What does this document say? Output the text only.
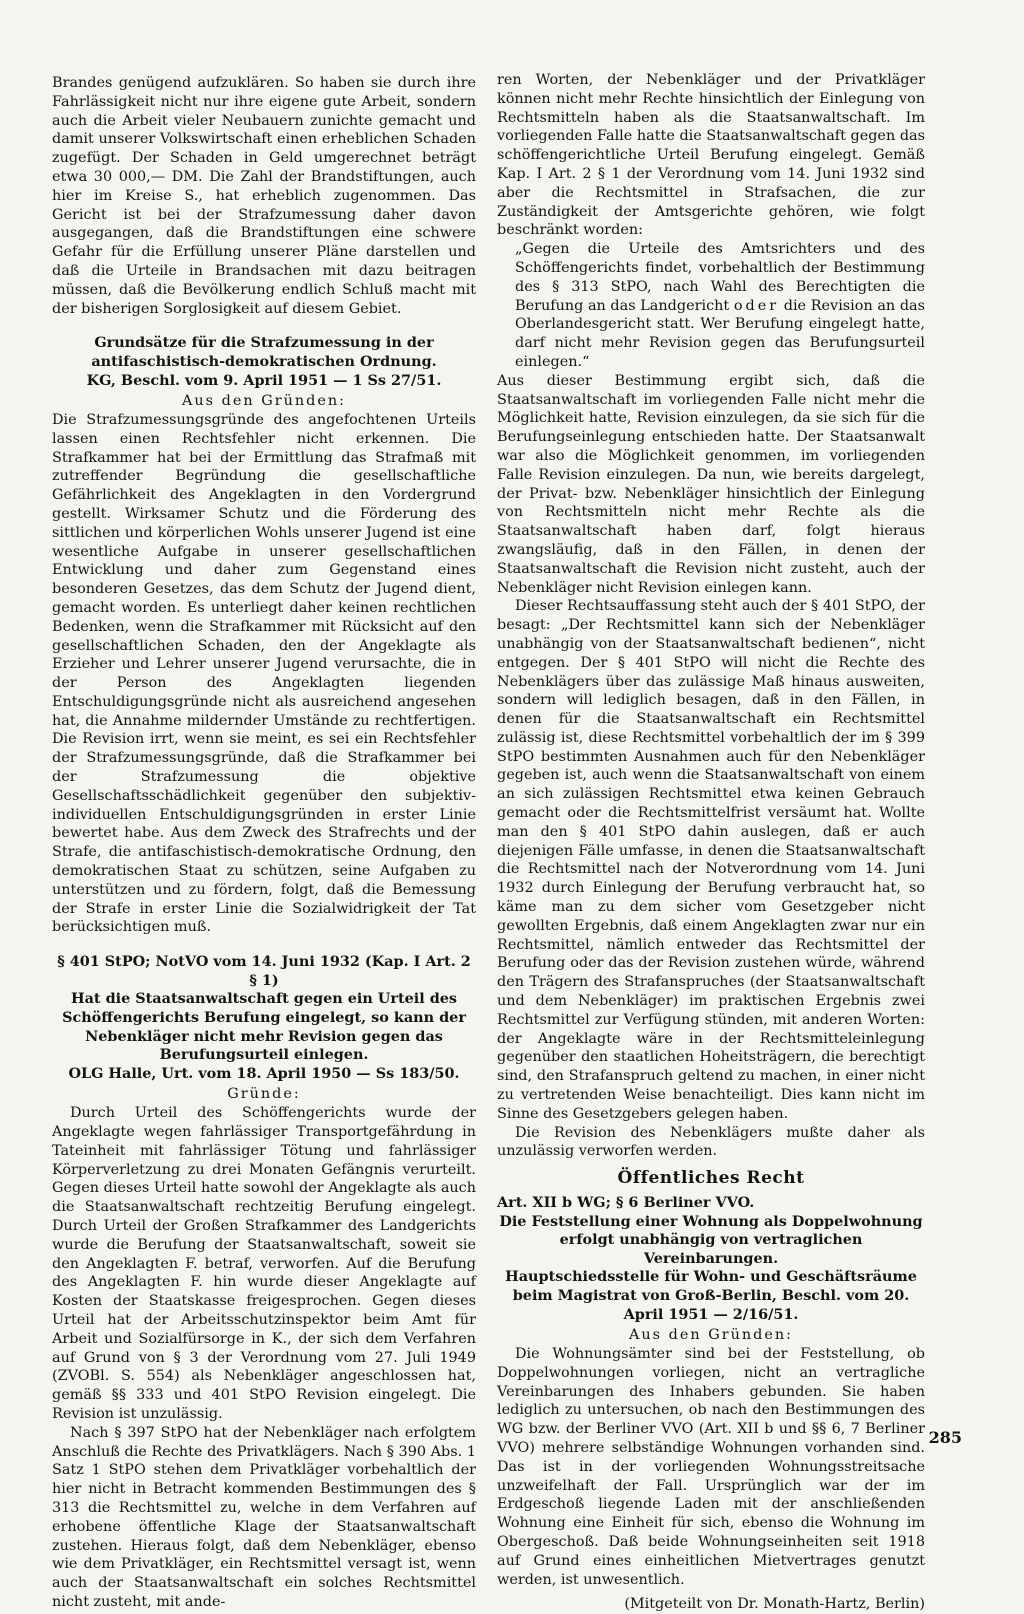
Brandes genügend aufzuklären. So haben sie durch ihre Fahrlässigkeit nicht nur ihre eigene gute Arbeit, sondern auch die Arbeit vieler Neubauern zunichte gemacht und damit unserer Volkswirtschaft einen erheblichen Schaden zugefügt. Der Schaden in Geld umgerechnet beträgt etwa 30 000,— DM. Die Zahl der Brandstiftungen, auch hier im Kreise S., hat erheblich zugenommen. Das Gericht ist bei der Strafzumessung daher davon ausgegangen, daß die Brandstiftungen eine schwere Gefahr für die Erfüllung unserer Pläne darstellen und daß die Urteile in Brandsachen mit dazu beitragen müssen, daß die Bevölkerung endlich Schluß macht mit der bisherigen Sorglosigkeit auf diesem Gebiet.

Grundsätze für die Strafzumessung in der antifaschistisch-demokratischen Ordnung.

KG, Beschl. vom 9. April 1951 — 1 Ss 27/51.

Aus den Gründen:

Die Strafzumessungsgründe des angefochtenen Urteils lassen einen Rechtsfehler nicht erkennen. Die Strafkammer hat bei der Ermittlung das Strafmaß mit zutreffender Begründung die gesellschaftliche Gefährlichkeit des Angeklagten in den Vordergrund gestellt. Wirksamer Schutz und die Förderung des sittlichen und körperlichen Wohls unserer Jugend ist eine wesentliche Aufgabe in unserer gesellschaftlichen Entwicklung und daher zum Gegenstand eines besonderen Gesetzes, das dem Schutz der Jugend dient, gemacht worden. Es unterliegt daher keinen rechtlichen Bedenken, wenn die Strafkammer mit Rücksicht auf den gesellschaftlichen Schaden, den der Angeklagte als Erzieher und Lehrer unserer Jugend verursachte, die in der Person des Angeklagten liegenden Entschuldigungsgründe nicht als ausreichend angesehen hat, die Annahme mildernder Umstände zu rechtfertigen. Die Revision irrt, wenn sie meint, es sei ein Rechtsfehler der Strafzumessungsgründe, daß die Strafkammer bei der Strafzumessung die objektive Gesellschaftsschädlichkeit gegenüber den subjektiv-individuellen Entschuldigungsgründen in erster Linie bewertet habe. Aus dem Zweck des Strafrechts und der Strafe, die antifaschistisch-demokratische Ordnung, den demokratischen Staat zu schützen, seine Aufgaben zu unterstützen und zu fördern, folgt, daß die Bemessung der Strafe in erster Linie die Sozialwidrigkeit der Tat berücksichtigen muß.

§ 401 StPO; NotVO vom 14. Juni 1932 (Kap. I Art. 2 § 1)

Hat die Staatsanwaltschaft gegen ein Urteil des Schöffengerichts Berufung eingelegt, so kann der Nebenkläger nicht mehr Revision gegen das Berufungsurteil einlegen.

OLG Halle, Urt. vom 18. April 1950 — Ss 183/50.

Gründe:

Durch Urteil des Schöffengerichts wurde der Angeklagte wegen fahrlässiger Transportgefährdung in Tateinheit mit fahrlässiger Tötung und fahrlässiger Körperverletzung zu drei Monaten Gefängnis verurteilt. Gegen dieses Urteil hatte sowohl der Angeklagte als auch die Staatsanwaltschaft rechtzeitig Berufung eingelegt. Durch Urteil der Großen Strafkammer des Landgerichts wurde die Berufung der Staatsanwaltschaft, soweit sie den Angeklagten F. betraf, verworfen. Auf die Berufung des Angeklagten F. hin wurde dieser Angeklagte auf Kosten der Staatskasse freigesprochen. Gegen dieses Urteil hat der Arbeitsschutzinspektor beim Amt für Arbeit und Sozialfürsorge in K., der sich dem Verfahren auf Grund von § 3 der Verordnung vom 27. Juli 1949 (ZVOBl. S. 554) als Nebenkläger angeschlossen hat, gemäß §§ 333 und 401 StPO Revision eingelegt. Die Revision ist unzulässig.

Nach § 397 StPO hat der Nebenkläger nach erfolgtem Anschluß die Rechte des Privatklägers. Nach § 390 Abs. 1 Satz 1 StPO stehen dem Privatkläger vorbehaltlich der hier nicht in Betracht kommenden Bestimmungen des § 313 die Rechtsmittel zu, welche in dem Verfahren auf erhobene öffentliche Klage der Staatsanwaltschaft zustehen. Hieraus folgt, daß dem Nebenkläger, ebenso wie dem Privatkläger, ein Rechtsmittel versagt ist, wenn auch der Staatsanwaltschaft ein solches Rechtsmittel nicht zusteht, mit ande-

ren Worten, der Nebenkläger und der Privatkläger können nicht mehr Rechte hinsichtlich der Einlegung von Rechtsmitteln haben als die Staatsanwaltschaft. Im vorliegenden Falle hatte die Staatsanwaltschaft gegen das schöffengerichtliche Urteil Berufung eingelegt. Gemäß Kap. I Art. 2 § 1 der Verordnung vom 14. Juni 1932 sind aber die Rechtsmittel in Strafsachen, die zur Zuständigkeit der Amtsgerichte gehören, wie folgt beschränkt worden:

„Gegen die Urteile des Amtsrichters und des Schöffengerichts findet, vorbehaltlich der Bestimmung des § 313 StPO, nach Wahl des Berechtigten die Berufung an das Landgericht oder die Revision an das Oberlandesgericht statt. Wer Berufung eingelegt hatte, darf nicht mehr Revision gegen das Berufungsurteil einlegen.“

Aus dieser Bestimmung ergibt sich, daß die Staatsanwaltschaft im vorliegenden Falle nicht mehr die Möglichkeit hatte, Revision einzulegen, da sie sich für die Berufungseinlegung entschieden hatte. Der Staatsanwalt war also die Möglichkeit genommen, im vorliegenden Falle Revision einzulegen. Da nun, wie bereits dargelegt, der Privat- bzw. Nebenkläger hinsichtlich der Einlegung von Rechtsmitteln nicht mehr Rechte als die Staatsanwaltschaft haben darf, folgt hieraus zwangsläufig, daß in den Fällen, in denen der Staatsanwaltschaft die Revision nicht zusteht, auch der Nebenkläger nicht Revision einlegen kann.

Dieser Rechtsauffassung steht auch der § 401 StPO, der besagt: „Der Rechtsmittel kann sich der Nebenkläger unabhängig von der Staatsanwaltschaft bedienen“, nicht entgegen. Der § 401 StPO will nicht die Rechte des Nebenklägers über das zulässige Maß hinaus ausweiten, sondern will lediglich besagen, daß in den Fällen, in denen für die Staatsanwaltschaft ein Rechtsmittel zulässig ist, diese Rechtsmittel vorbehaltlich der im § 399 StPO bestimmten Ausnahmen auch für den Nebenkläger gegeben ist, auch wenn die Staatsanwaltschaft von einem an sich zulässigen Rechtsmittel etwa keinen Gebrauch gemacht oder die Rechtsmittelfrist versäumt hat. Wollte man den § 401 StPO dahin auslegen, daß er auch diejenigen Fälle umfasse, in denen die Staatsanwaltschaft die Rechtsmittel nach der Notverordnung vom 14. Juni 1932 durch Einlegung der Berufung verbraucht hat, so käme man zu dem sicher vom Gesetzgeber nicht gewollten Ergebnis, daß einem Angeklagten zwar nur ein Rechtsmittel, nämlich entweder das Rechtsmittel der Berufung oder das der Revision zustehen würde, während den Trägern des Strafanspruches (der Staatsanwaltschaft und dem Nebenkläger) im praktischen Ergebnis zwei Rechtsmittel zur Verfügung stünden, mit anderen Worten: der Angeklagte wäre in der Rechtsmitteleinlegung gegenüber den staatlichen Hoheitsträgern, die berechtigt sind, den Strafanspruch geltend zu machen, in einer nicht zu vertretenden Weise benachteiligt. Dies kann nicht im Sinne des Gesetzgebers gelegen haben.

Die Revision des Nebenklägers mußte daher als unzulässig verworfen werden.

Öffentliches Recht

Art. XII b WG; § 6 Berliner VVO.

Die Feststellung einer Wohnung als Doppelwohnung erfolgt unabhängig von vertraglichen Vereinbarungen.

Hauptschiedsstelle für Wohn- und Geschäftsräume beim Magistrat von Groß-Berlin, Beschl. vom 20. April 1951 — 2/16/51.

Aus den Gründen:

Die Wohnungsämter sind bei der Feststellung, ob Doppelwohnungen vorliegen, nicht an vertragliche Vereinbarungen des Inhabers gebunden. Sie haben lediglich zu untersuchen, ob nach den Bestimmungen des WG bzw. der Berliner VVO (Art. XII b und §§ 6, 7 Berliner VVO) mehrere selbständige Wohnungen vorhanden sind. Das ist in der vorliegenden Wohnungsstreitsache unzweifelhaft der Fall. Ursprünglich war der im Erdgeschoß liegende Laden mit der anschließenden Wohnung eine Einheit für sich, ebenso die Wohnung im Obergeschoß. Daß beide Wohnungseinheiten seit 1918 auf Grund eines einheitlichen Mietvertrages genutzt werden, ist unwesentlich.

(Mitgeteilt von Dr. Monath-Hartz, Berlin)

285
